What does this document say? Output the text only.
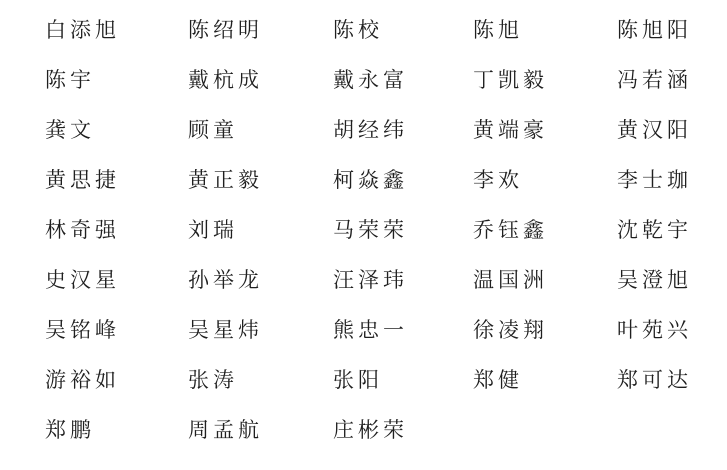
白添旭	陈绍明	陈校	陈旭	陈旭阳
陈宇	戴杭成	戴永富	丁凯毅	冯若涵
龚文	顾童	胡经纬	黄端豪	黄汉阳
黄思捷	黄正毅	柯焱鑫	李欢	李士珈
林奇强	刘瑞	马荣荣	乔钰鑫	沈乾宇
史汉星	孙举龙	汪泽玮	温国洲	吴澄旭
吴铭峰	吴星炜	熊忠一	徐凌翔	叶苑兴
游裕如	张涛	张阳	郑健	郑可达
郑鹏	周孟航	庄彬荣
